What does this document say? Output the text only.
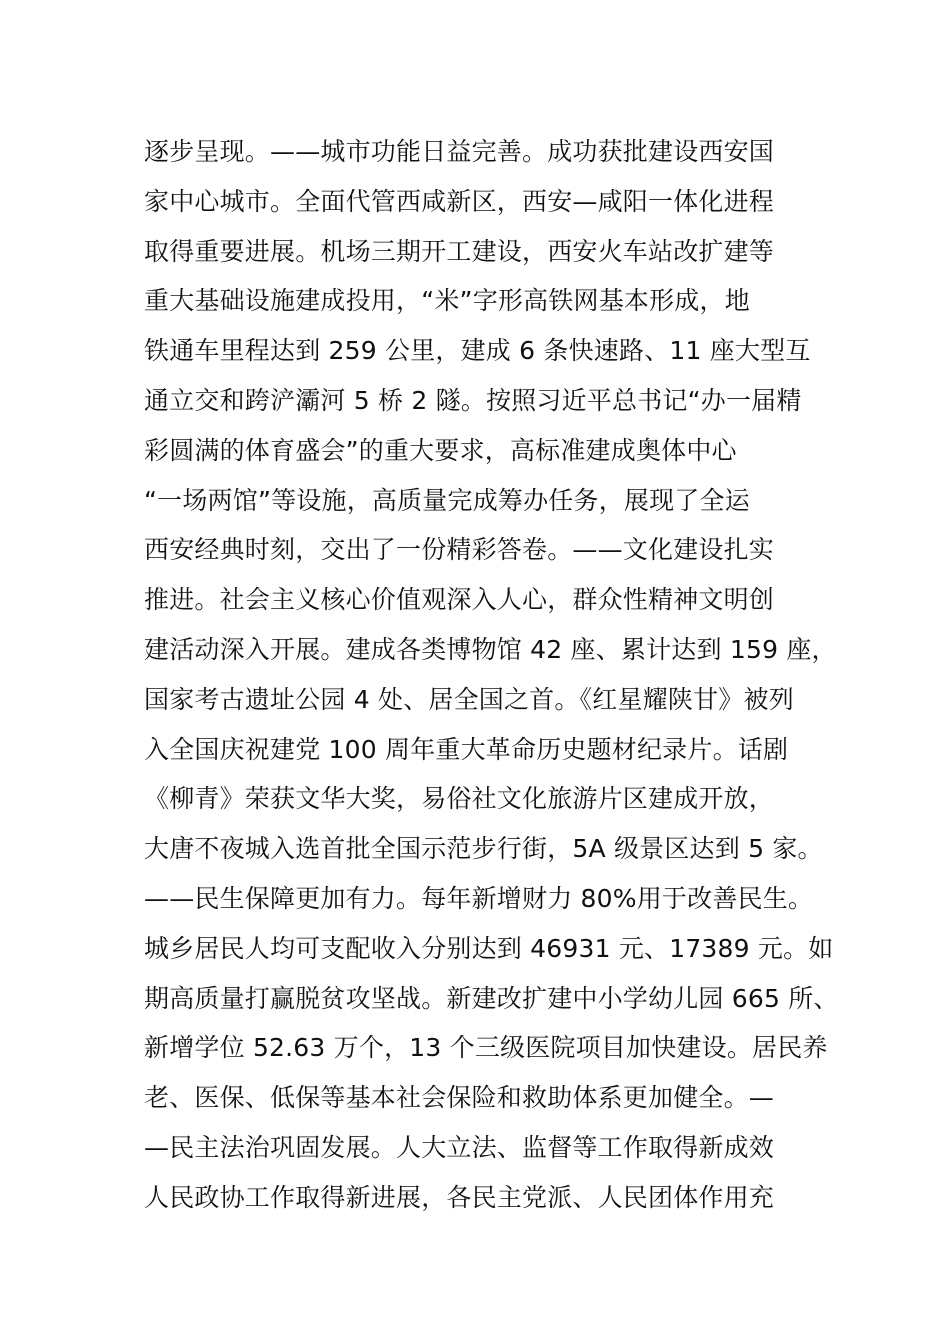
逐步呈现。——城市功能日益完善。成功获批建设西安国
家中心城市。全面代管西咸新区，西安—咸阳一体化进程
取得重要进展。机场三期开工建设，西安火车站改扩建等
重大基础设施建成投用，“米”字形高铁网基本形成，地
铁通车里程达到 259 公里，建成 6 条快速路、11 座大型互
通立交和跨浐灞河 5 桥 2 隧。按照习近平总书记“办一届精
彩圆满的体育盛会”的重大要求，高标准建成奥体中心
“一场两馆”等设施，高质量完成筹办任务，展现了全运
西安经典时刻，交出了一份精彩答卷。——文化建设扎实
推进。社会主义核心价值观深入人心，群众性精神文明创
建活动深入开展。建成各类博物馆 42 座、累计达到 159 座，
国家考古遗址公园 4 处、居全国之首。《红星耀陕甘》被列
入全国庆祝建党 100 周年重大革命历史题材纪录片。话剧
《柳青》荣获文华大奖，易俗社文化旅游片区建成开放，
大唐不夜城入选首批全国示范步行街，5A 级景区达到 5 家。
——民生保障更加有力。每年新增财力 80%用于改善民生。
城乡居民人均可支配收入分别达到 46931 元、17389 元。如
期高质量打赢脱贫攻坚战。新建改扩建中小学幼儿园 665 所、
新增学位 52.63 万个，13 个三级医院项目加快建设。居民养
老、医保、低保等基本社会保险和救助体系更加健全。—
—民主法治巩固发展。人大立法、监督等工作取得新成效
人民政协工作取得新进展，各民主党派、人民团体作用充
